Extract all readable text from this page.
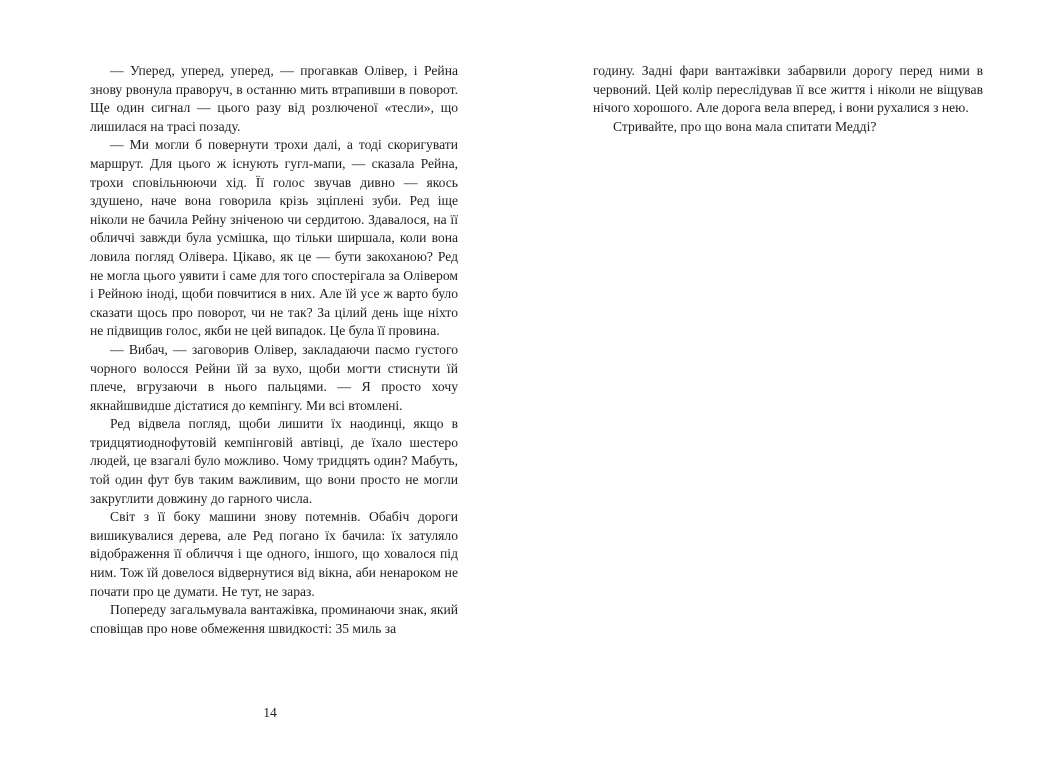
— Уперед, уперед, уперед, — прогавкав Олівер, і Рейна знову рвонула праворуч, в останню мить втрапивши в поворот. Ще один сигнал — цього разу від розлюченої «тесли», що лишилася на трасі позаду.

— Ми могли б повернути трохи далі, а тоді скоригувати маршрут. Для цього ж існують гугл-мапи, — сказала Рейна, трохи сповільнюючи хід. Її голос звучав дивно — якось здушено, наче вона говорила крізь зціплені зуби. Ред іще ніколи не бачила Рейну зніченою чи сердитою. Здавалося, на її обличчі завжди була усмішка, що тільки ширшала, коли вона ловила погляд Олівера. Цікаво, як це — бути закоханою? Ред не могла цього уявити і саме для того спостерігала за Олівером і Рейною іноді, щоби повчитися в них. Але їй усе ж варто було сказати щось про поворот, чи не так? За цілий день іще ніхто не підвищив голос, якби не цей випадок. Це була її провина.

— Вибач, — заговорив Олівер, закладаючи пасмо густого чорного волосся Рейни їй за вухо, щоби могти стиснути їй плече, вгрузаючи в нього пальцями. — Я просто хочу якнайшвидше дістатися до кемпінгу. Ми всі втомлені.

Ред відвела погляд, щоби лишити їх наодинці, якщо в тридцятиоднофутовій кемпінговій автівці, де їхало шестеро людей, це взагалі було можливо. Чому тридцять один? Мабуть, той один фут був таким важливим, що вони просто не могли закруглити довжину до гарного числа.

Світ з її боку машини знову потемнів. Обабіч дороги вишикувалися дерева, але Ред погано їх бачила: їх затуляло відображення її обличчя і ще одного, іншого, що ховалося під ним. Тож їй довелося відвернутися від вікна, аби ненароком не почати про це думати. Не тут, не зараз.

Попереду загальмувала вантажівка, проминаючи знак, який сповіщав про нове обмеження швидкості: 35 миль за

14

годину. Задні фари вантажівки забарвили дорогу перед ними в червоний. Цей колір переслідував її все життя і ніколи не віщував нічого хорошого. Але дорога вела вперед, і вони рухалися з нею.

Стривайте, про що вона мала спитати Медді?
